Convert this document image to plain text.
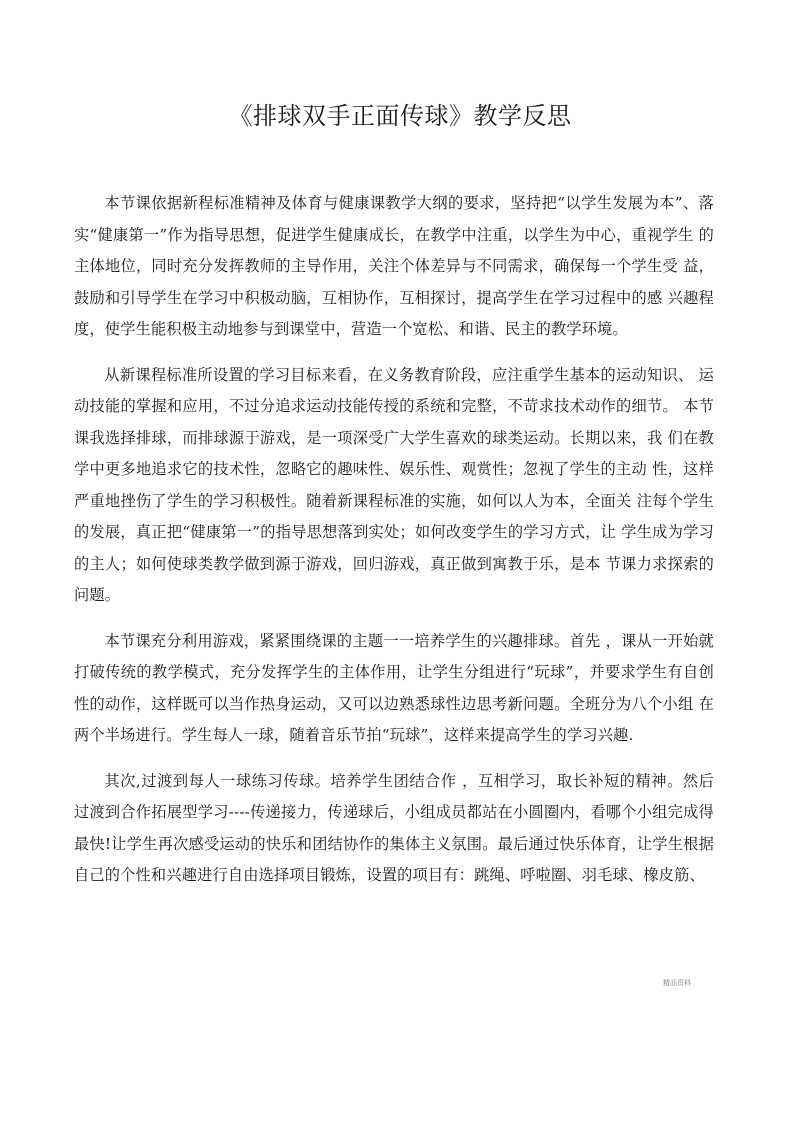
《排球双手正面传球》教学反思

本节课依据新程标准精神及体育与健康课教学大纲的要求，坚持把“以学生发展为本”、落实“健康第一”作为指导思想，促进学生健康成长，在教学中注重，以学生为中心，重视学生 的主体地位，同时充分发挥教师的主导作用，关注个体差异与不同需求，确保每一个学生受 益，鼓励和引导学生在学习中积极动脑，互相协作，互相探讨，提高学生在学习过程中的感 兴趣程度，使学生能积极主动地参与到课堂中，营造一个宽松、和谐、民主的教学环境。

从新课程标准所设置的学习目标来看，在义务教育阶段，应注重学生基本的运动知识、 运动技能的掌握和应用，不过分追求运动技能传授的系统和完整，不苛求技术动作的细节。 本节课我选择排球，而排球源于游戏，是一项深受广大学生喜欢的球类运动。长期以来，我 们在教学中更多地追求它的技术性，忽略它的趣味性、娱乐性、观赏性；忽视了学生的主动 性，这样严重地挫伤了学生的学习积极性。随着新课程标准的实施，如何以人为本，全面关 注每个学生的发展，真正把“健康第一”的指导思想落到实处；如何改变学生的学习方式，让 学生成为学习的主人；如何使球类教学做到源于游戏，回归游戏，真正做到寓教于乐，是本 节课力求探索的问题。

本节课充分利用游戏，紧紧围绕课的主题一一培养学生的兴趣排球。首先 ，课从一开始就打破传统的教学模式，充分发挥学生的主体作用，让学生分组进行“玩球”，并要求学生有自创性的动作，这样既可以当作热身运动，又可以边熟悉球性边思考新问题。全班分为八个小组 在两个半场进行。学生每人一球，随着音乐节拍“玩球”，这样来提高学生的学习兴趣.

其次,过渡到每人一球练习传球。培养学生团结合作 ，互相学习，取长补短的精神。然后过渡到合作拓展型学习----传递接力，传递球后，小组成员都站在小圆圈内，看哪个小组完成得最快!让学生再次感受运动的快乐和团结协作的集体主义氛围。最后通过快乐体育，让学生根据 自己的个性和兴趣进行自由选择项目锻炼，设置的项目有：跳绳、呼啦圈、羽毛球、橡皮筋、

精品资料
